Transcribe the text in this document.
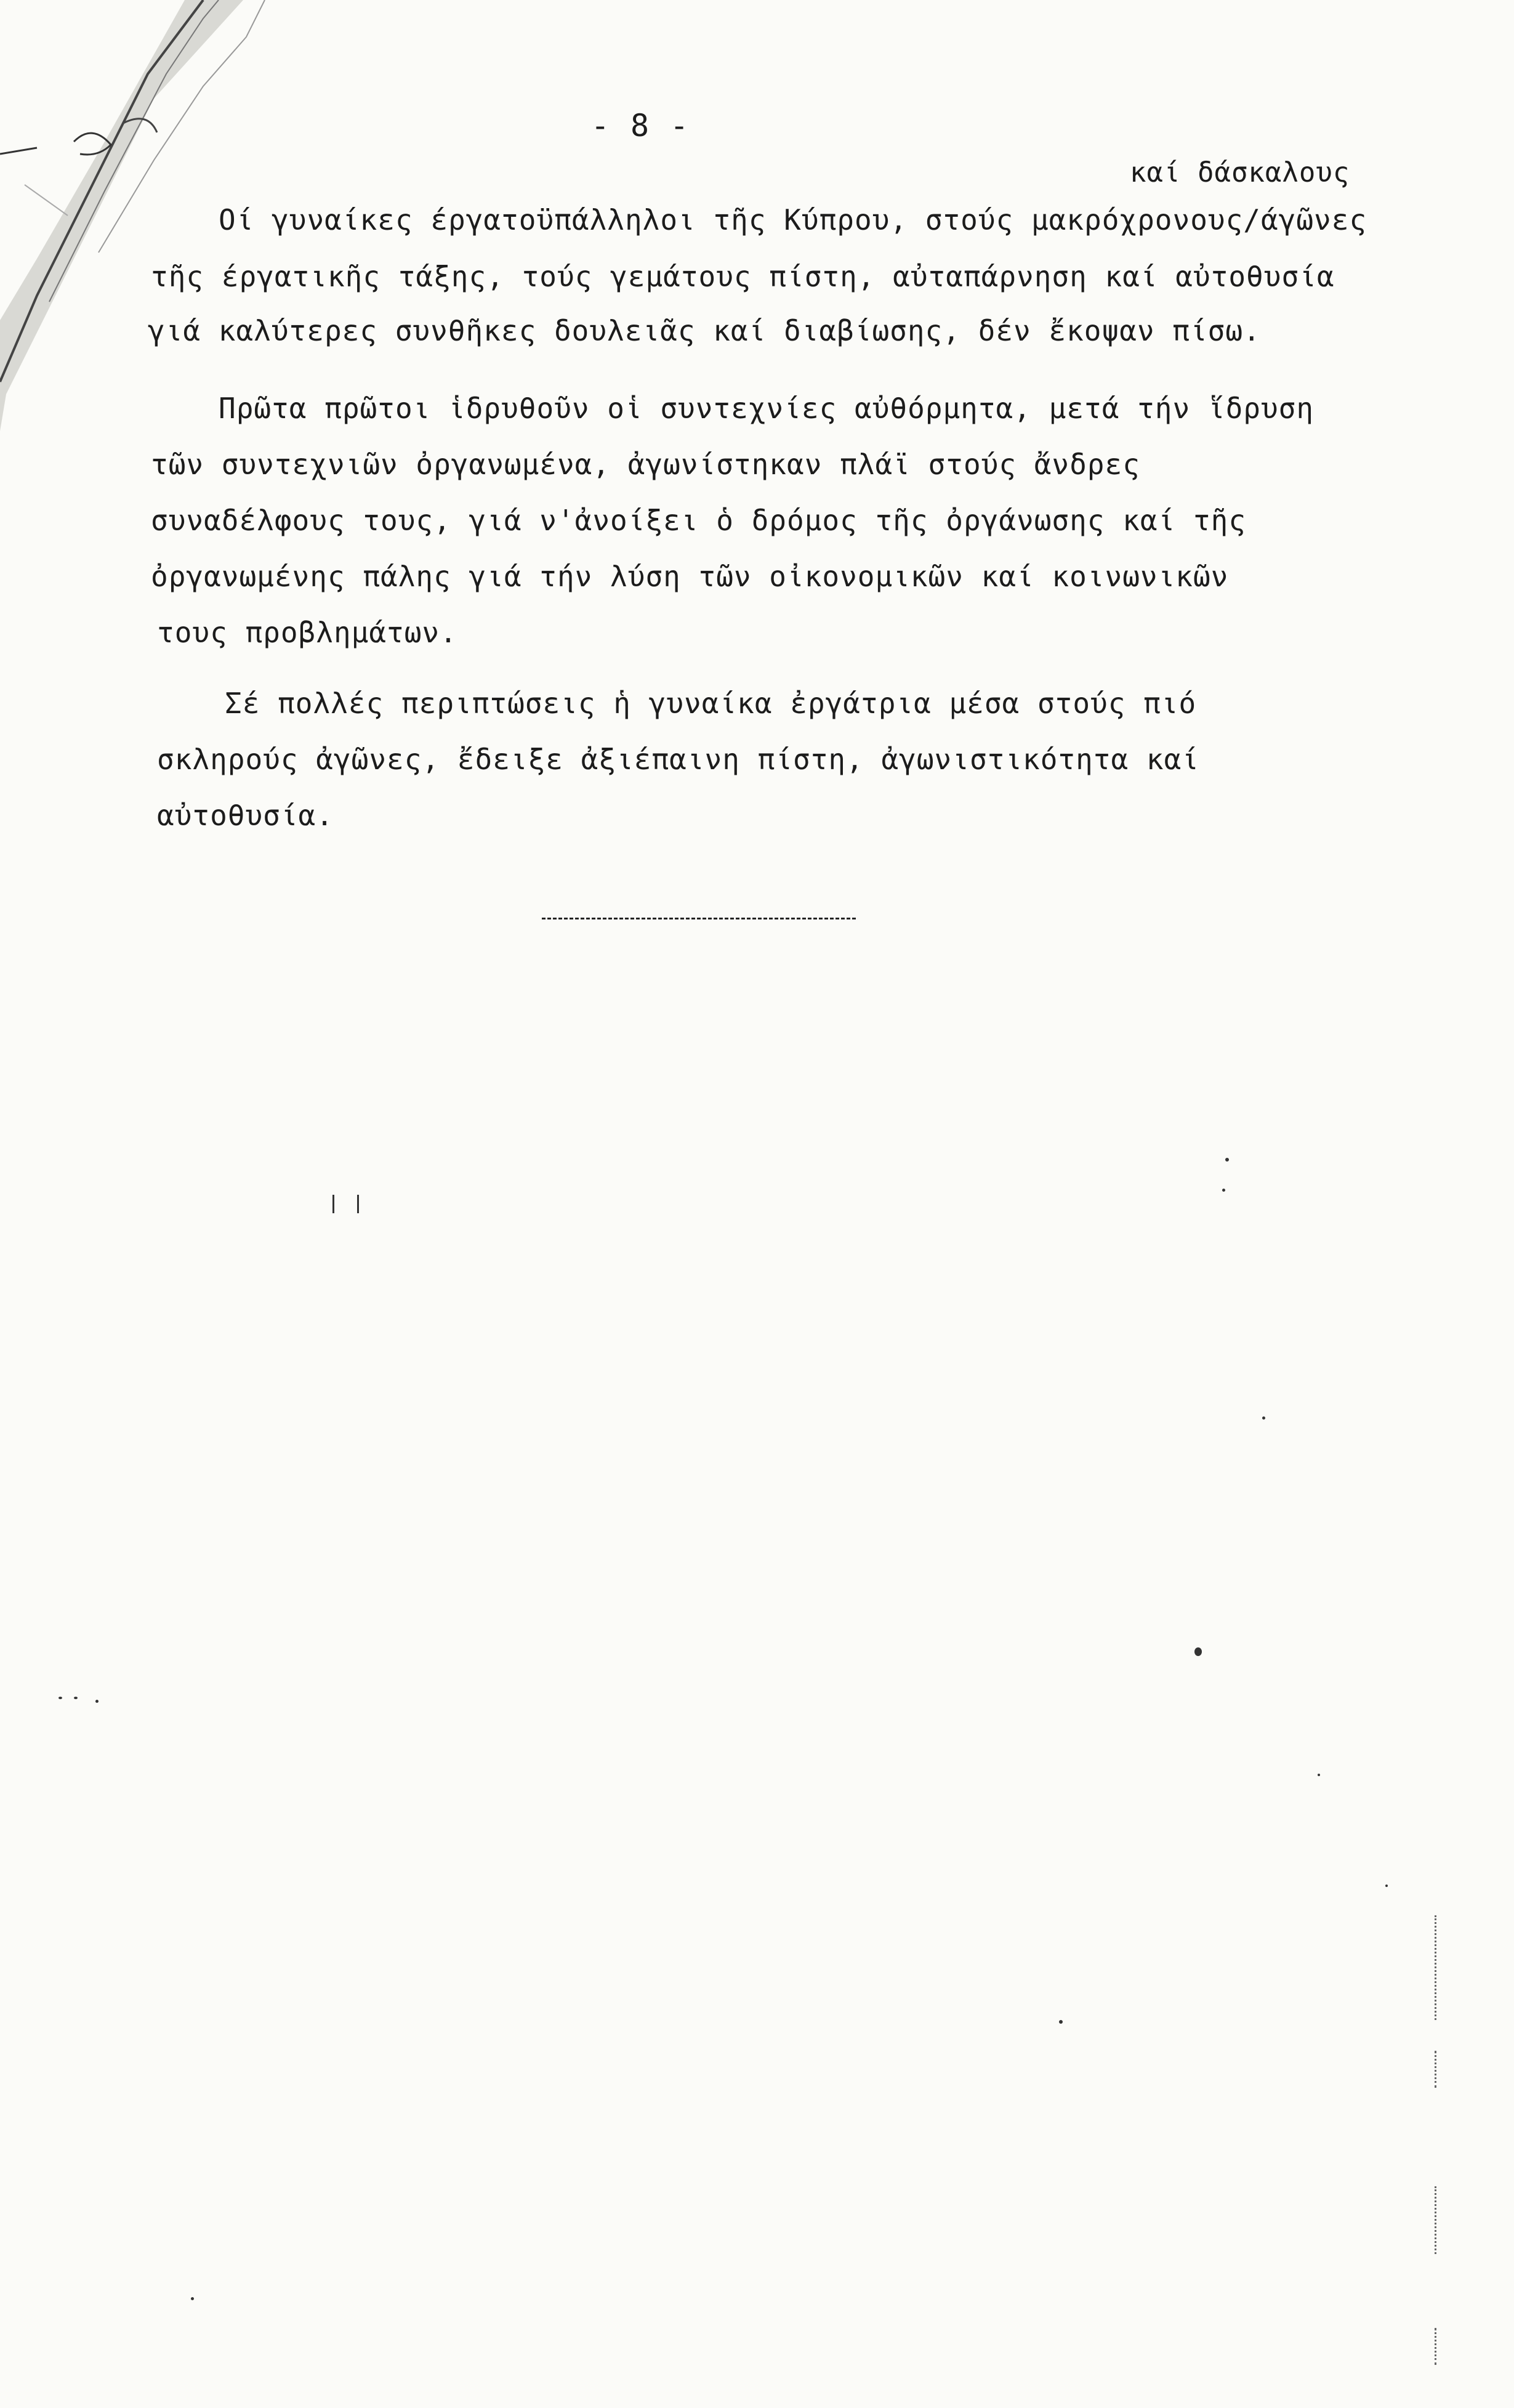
- 8 -
καί δάσκαλους
Οί γυναίκες έργατοϋπάλληλοι τῆς Κύπρου, στούς μακρόχρονους/άγῶνες
τῆς έργατικῆς τάξης, τούς γεμάτους πίστη, αὐταπάρνηση καί αὐτοθυσία
γιά καλύτερες συνθῆκες δουλειᾶς καί διαβίωσης, δέν ἔκοψαν πίσω.
Πρῶτα πρῶτοι ἱδρυθοῦν οἱ συντεχνίες αὐθόρμητα, μετά τήν ἵδρυση
τῶν συντεχνιῶν ὀργανωμένα, ἀγωνίστηκαν πλάϊ στούς ἄνδρες
συναδέλφους τους, γιά ν'ἀνοίξει ὁ δρόμος τῆς ὀργάνωσης καί τῆς
ὀργανωμένης πάλης γιά τήν λύση τῶν οἰκονομικῶν καί κοινωνικῶν
τους προβλημάτων.
Σέ πολλές περιπτώσεις ἡ γυναίκα ἐργάτρια μέσα στούς πιό
σκληρούς ἀγῶνες, ἔδειξε ἀξιέπαινη πίστη, ἀγωνιστικότητα καί
αὐτοθυσία.
